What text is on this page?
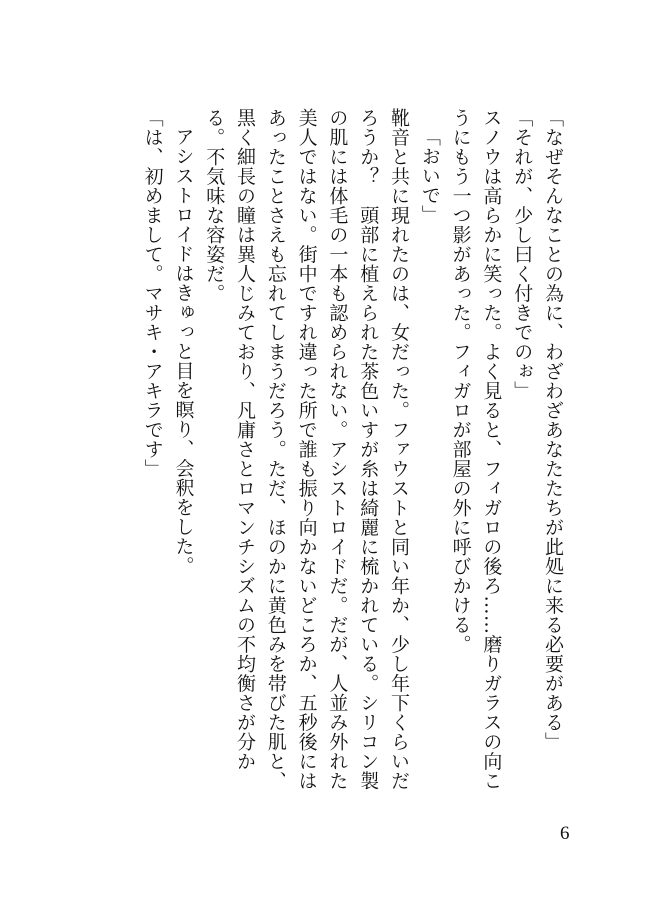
「なぜそんなことの為に、わざわざあなたたちが此処に来る必要がある」

「それが、少し曰く付きでのぉ」

スノウは高らかに笑った。よく見ると、フィガロの後ろ……磨りガラスの向こうにもう一つ影があった。フィガロが部屋の外に呼びかける。

「おいで」

靴音と共に現れたのは、女だった。ファウストと同い年か、少し年下くらいだろうか？　頭部に植えられた茶色いすが糸は綺麗に梳かれている。シリコン製の肌には体毛の一本も認められない。アシストロイドだ。だが、人並み外れた美人ではない。街中ですれ違った所で誰も振り向かないどころか、五秒後にはあったことさえも忘れてしまうだろう。ただ、ほのかに黄色みを帯びた肌と、黒く細長の瞳は異人じみており、凡庸さとロマンチシズムの不均衡さが分かる。不気味な容姿だ。

アシストロイドはきゅっと目を瞑り、会釈をした。

「は、初めまして。マサキ・アキラです」

6
